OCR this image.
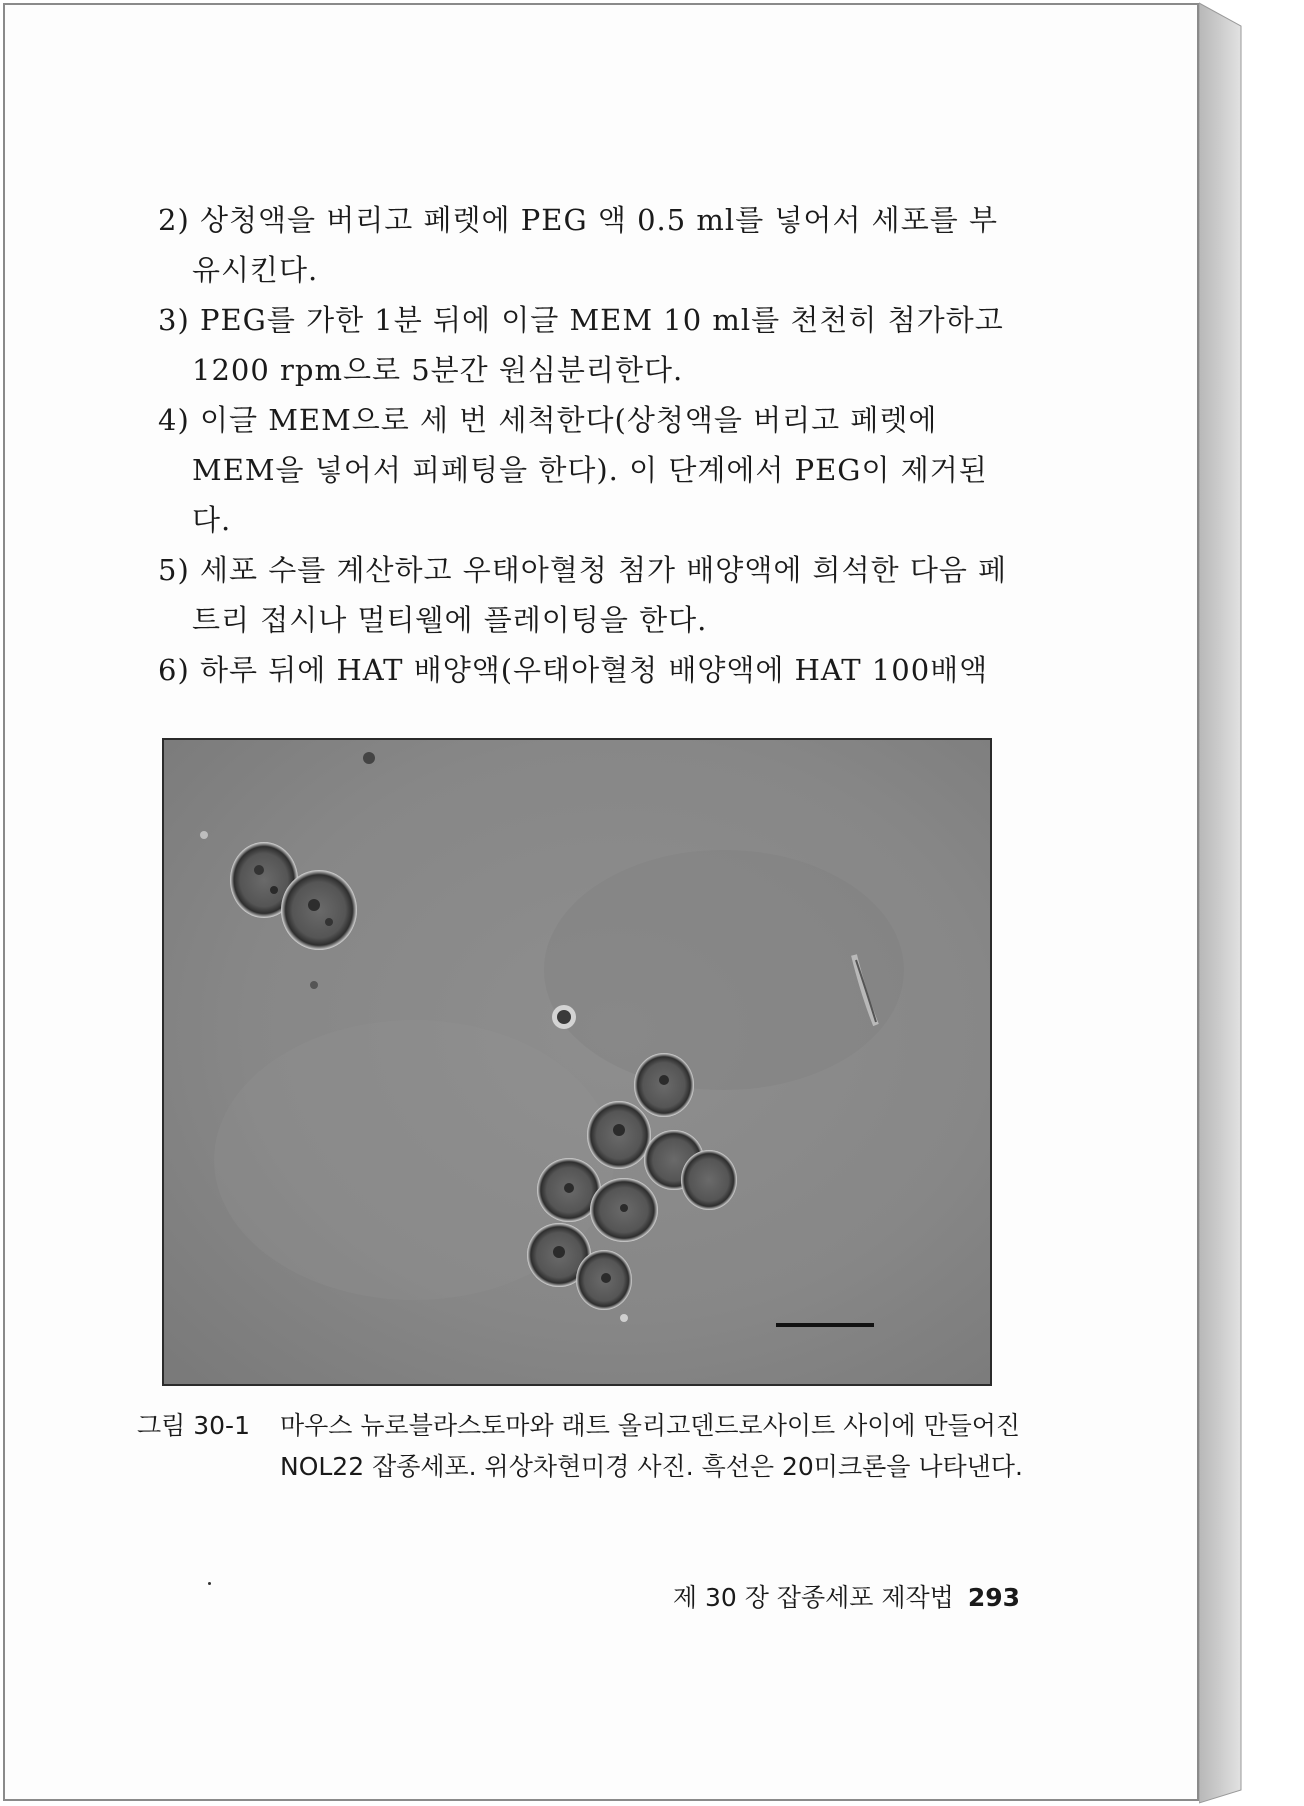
2) 상청액을 버리고 페렛에 PEG 액 0.5 ml를 넣어서 세포를 부유시킨다.
3) PEG를 가한 1분 뒤에 이글 MEM 10 ml를 천천히 첨가하고 1200 rpm으로 5분간 원심분리한다.
4) 이글 MEM으로 세 번 세척한다(상청액을 버리고 페렛에 MEM을 넣어서 피페팅을 한다). 이 단계에서 PEG이 제거된다.
5) 세포 수를 계산하고 우태아혈청 첨가 배양액에 희석한 다음 페트리 접시나 멀티웰에 플레이팅을 한다.
6) 하루 뒤에 HAT 배양액(우태아혈청 배양액에 HAT 100배액
그림 30-1	마우스 뉴로블라스토마와 래트 올리고덴드로사이트 사이에 만들어진 NOL22 잡종세포. 위상차현미경 사진. 흑선은 20미크론을 나타낸다.
제 30 장 잡종세포 제작법 293
